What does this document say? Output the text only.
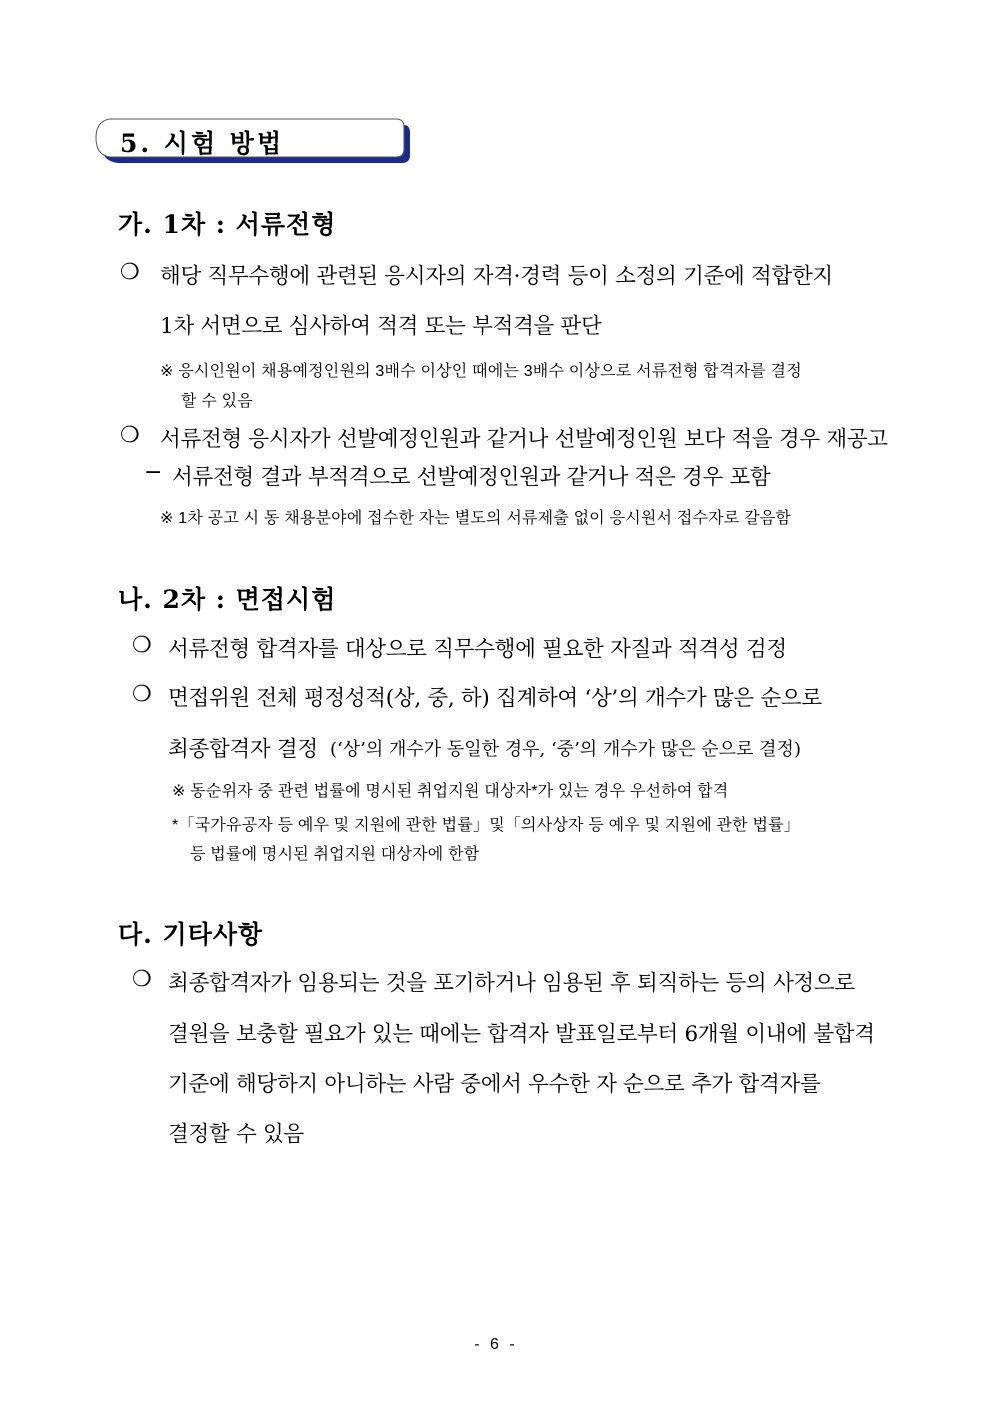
5. 시험 방법
가. 1차 : 서류전형
❍ 해당 직무수행에 관련된 응시자의 자격·경력 등이 소정의 기준에 적합한지
1차 서면으로 심사하여 적격 또는 부적격을 판단
※ 응시인원이 채용예정인원의 3배수 이상인 때에는 3배수 이상으로 서류전형 합격자를 결정
할 수 있음
❍ 서류전형 응시자가 선발예정인원과 같거나 선발예정인원 보다 적을 경우 재공고
− 서류전형 결과 부적격으로 선발예정인원과 같거나 적은 경우 포함
※ 1차 공고 시 동 채용분야에 접수한 자는 별도의 서류제출 없이 응시원서 접수자로 갈음함
나. 2차 : 면접시험
❍ 서류전형 합격자를 대상으로 직무수행에 필요한 자질과 적격성 검정
❍ 면접위원 전체 평정성적(상, 중, 하) 집계하여 ‘상’의 개수가 많은 순으로
최종합격자 결정 (‘상’의 개수가 동일한 경우, ‘중’의 개수가 많은 순으로 결정)
※ 동순위자 중 관련 법률에 명시된 취업지원 대상자*가 있는 경우 우선하여 합격
*「국가유공자 등 예우 및 지원에 관한 법률」및「의사상자 등 예우 및 지원에 관한 법률」
등 법률에 명시된 취업지원 대상자에 한함
다. 기타사항
❍ 최종합격자가 임용되는 것을 포기하거나 임용된 후 퇴직하는 등의 사정으로
결원을 보충할 필요가 있는 때에는 합격자 발표일로부터 6개월 이내에 불합격
기준에 해당하지 아니하는 사람 중에서 우수한 자 순으로 추가 합격자를
결정할 수 있음
- 6 -
